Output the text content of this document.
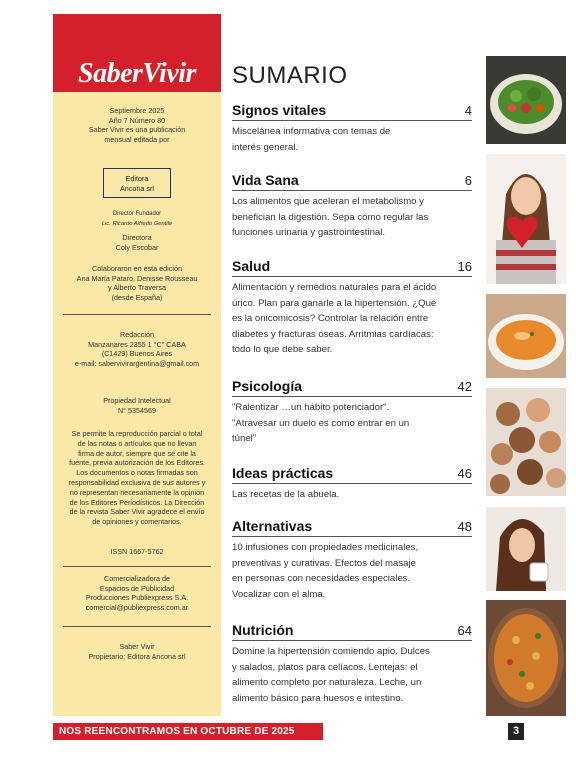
Septiembre 2025
Año 7 Número 80
Saber Vivir es una publicación
mensual editada por
Editora
Ancona srl
Director Fundador
Lic. Ricardo Alfredo Gentile
Directora
Coly Escobar
Colaboraron en esta edición
Ana María Pataro, Denisse Rousseau
y Alberto Traversa
(desde España)
Redacción
Manzanares 2355 1 °C" CABA
(C1429) Buenos Aires
e-mail: sabervivirargentina@gmail.com
Propiedad Intelectual
N° 5354569
Se permite la reproducción parcial o total
de las notas o artículos que no llevan
firma de autor, siempre que se cite la
fuente, previa autorización de los Editores.
Los documentos o notas firmadas son
responsabilidad exclusiva de sus autores y
no representan necesariamente la opinión
de los Editores Periodísticos. La Dirección
de la revista Saber Vivir agradece el envío
de opiniones y comentarios.
ISSN 1667-5762
Comercializadora de
Espacios de Publicidad
Producciones Publiexpress S.A.
comercial@publiexpress.com.ar
Saber Vivir
Propietario: Editora Ancona srl
SaberVivir	SUMARIO
Signos vitales	4
Miscelánea informativa con temas de
interés general.
Vida Sana	6
Los alimentos que aceleran el metabolismo y
benefician la digestión. Sepa cómo regular las
funciones urinaria y gastrointestinal.
Salud	16
Alimentación y remedios naturales para el ácido
úrico. Plan para ganarle a la hipertensión. ¿Qué
es la onicomicosis? Controlar la relación entre
diabetes y fracturas óseas. Arritmias cardíacas:
todo lo que debe saber.
Psicología	42
"Ralentizar …un hábito potenciador".
"Atravesar un duelo es como entrar en un
túnel"
Ideas prácticas	46
Las recetas de la abuela.
Alternativas	48
10 infusiones con propiedades medicinales,
preventivas y curativas. Efectos del masaje
en personas con necesidades especiales.
Vocalizar con el alma.
Nutrición	64
Domine la hipertensión comiendo apio. Dulces
y salados, platos para celíacos. Lentejas: el
alimento completo por naturaleza. Leche, un
alimento básico para huesos e intestino.
NOS REENCONTRAMOS EN OCTUBRE DE 2025	3
